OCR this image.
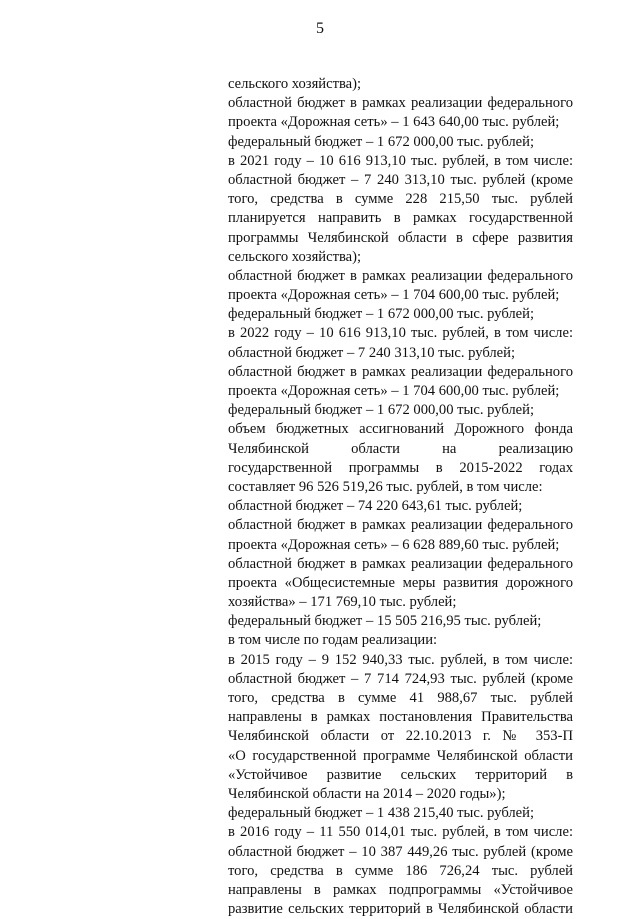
5
сельского хозяйства);
областной бюджет в рамках реализации федерального
проекта «Дорожная сеть» – 1 643 640,00 тыс. рублей;
федеральный бюджет – 1 672 000,00 тыс. рублей;
в 2021 году – 10 616 913,10 тыс. рублей, в том числе:
областной бюджет – 7 240 313,10 тыс. рублей (кроме
того, средства в сумме 228 215,50 тыс. рублей
планируется направить в рамках государственной
программы Челябинской области в сфере развития
сельского хозяйства);
областной бюджет в рамках реализации федерального
проекта «Дорожная сеть» – 1 704 600,00 тыс. рублей;
федеральный бюджет – 1 672 000,00 тыс. рублей;
в 2022 году – 10 616 913,10 тыс. рублей, в том числе:
областной бюджет – 7 240 313,10 тыс. рублей;
областной бюджет в рамках реализации федерального
проекта «Дорожная сеть» – 1 704 600,00 тыс. рублей;
федеральный бюджет – 1 672 000,00 тыс. рублей;
объем бюджетных ассигнований Дорожного фонда
Челябинской области на реализацию
государственной программы в 2015-2022 годах
составляет 96 526 519,26 тыс. рублей, в том числе:
областной бюджет – 74 220 643,61 тыс. рублей;
областной бюджет в рамках реализации федерального
проекта «Дорожная сеть» – 6 628 889,60 тыс. рублей;
областной бюджет в рамках реализации федерального
проекта «Общесистемные меры развития дорожного
хозяйства» – 171 769,10 тыс. рублей;
федеральный бюджет – 15 505 216,95 тыс. рублей;
в том числе по годам реализации:
в 2015 году – 9 152 940,33 тыс. рублей, в том числе:
областной бюджет – 7 714 724,93 тыс. рублей (кроме
того, средства в сумме 41 988,67 тыс. рублей
направлены в рамках постановления Правительства
Челябинской области от 22.10.2013 г. № 353-П
«О государственной программе Челябинской области
«Устойчивое развитие сельских территорий в
Челябинской области на 2014 – 2020 годы»);
федеральный бюджет – 1 438 215,40 тыс. рублей;
в 2016 году – 11 550 014,01 тыс. рублей, в том числе:
областной бюджет – 10 387 449,26 тыс. рублей (кроме
того, средства в сумме 186 726,24 тыс. рублей
направлены в рамках подпрограммы «Устойчивое
развитие сельских территорий в Челябинской области
